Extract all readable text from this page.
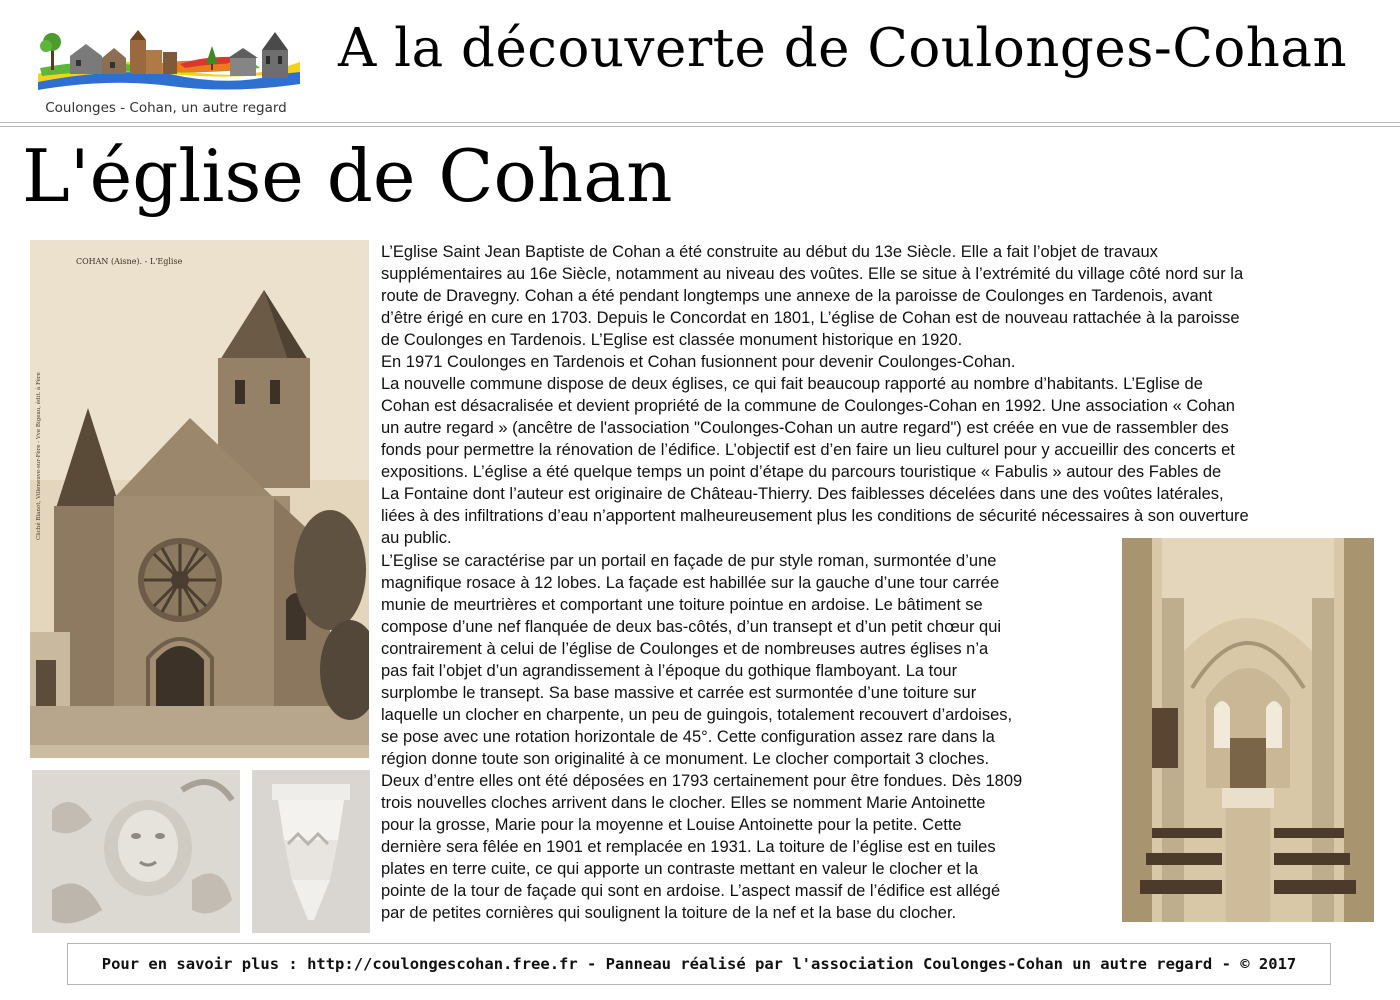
Coulonges - Cohan, un autre regard
A la découverte de Coulonges-Cohan
L'église de Cohan
COHAN (Aisne). - L'Eglise
Cliché Blanot, Villeneuve-sur-Fère - Vve Bigeau, édit. à Fère
L’Eglise Saint Jean Baptiste de Cohan a été construite au début du 13e Siècle. Elle a fait l’objet de travaux
supplémentaires au 16e Siècle, notamment au niveau des voûtes. Elle se situe à l’extrémité du village côté nord sur la
route de Dravegny. Cohan a été pendant longtemps une annexe de la paroisse de Coulonges en Tardenois, avant
d’être érigé en cure en 1703. Depuis le Concordat en 1801, L’église de Cohan est de nouveau rattachée à la paroisse
de Coulonges en Tardenois. L’Eglise est classée monument historique en 1920.
En 1971 Coulonges en Tardenois et Cohan fusionnent pour devenir Coulonges-Cohan.
La nouvelle commune dispose de deux églises, ce qui fait beaucoup rapporté au nombre d’habitants. L’Eglise de
Cohan est désacralisée et devient propriété de la commune de Coulonges-Cohan en 1992. Une association « Cohan
un autre regard » (ancêtre de l'association "Coulonges-Cohan un autre regard") est créée en vue de rassembler des
fonds pour permettre la rénovation de l’édifice. L’objectif est d’en faire un lieu culturel pour y accueillir des concerts et
expositions. L’église a été quelque temps un point d’étape du parcours touristique « Fabulis » autour des Fables de
La Fontaine dont l’auteur est originaire de Château-Thierry. Des faiblesses décelées dans une des voûtes latérales,
liées à des infiltrations d’eau n’apportent malheureusement plus les conditions de sécurité nécessaires à son ouverture
au public.
L’Eglise se caractérise par un portail en façade de pur style roman, surmontée d’une
magnifique rosace à 12 lobes. La façade est habillée sur la gauche d’une tour carrée
munie de meurtrières et comportant une toiture pointue en ardoise. Le bâtiment se
compose d’une nef flanquée de deux bas-côtés, d’un transept et d’un petit chœur qui
contrairement à celui de l’église de Coulonges et de nombreuses autres églises n’a
pas fait l’objet d’un agrandissement à l’époque du gothique flamboyant. La tour
surplombe le transept. Sa base massive et carrée est surmontée d’une toiture sur
laquelle un clocher en charpente, un peu de guingois, totalement recouvert d’ardoises,
se pose avec une rotation horizontale de 45°. Cette configuration assez rare dans la
région donne toute son originalité à ce monument. Le clocher comportait 3 cloches.
Deux d’entre elles ont été déposées en 1793 certainement pour être fondues. Dès 1809
trois nouvelles cloches arrivent dans le clocher. Elles se nomment Marie Antoinette
pour la grosse, Marie pour la moyenne et Louise Antoinette pour la petite. Cette
dernière sera fêlée en 1901 et remplacée en 1931. La toiture de l’église est en tuiles
plates en terre cuite, ce qui apporte un contraste mettant en valeur le clocher et la
pointe de la tour de façade qui sont en ardoise. L’aspect massif de l’édifice est allégé
par de petites cornières qui soulignent la toiture de la nef et la base du clocher.
Pour en savoir plus : http://coulongescohan.free.fr - Panneau réalisé par l'association Coulonges-Cohan un autre regard - © 2017
